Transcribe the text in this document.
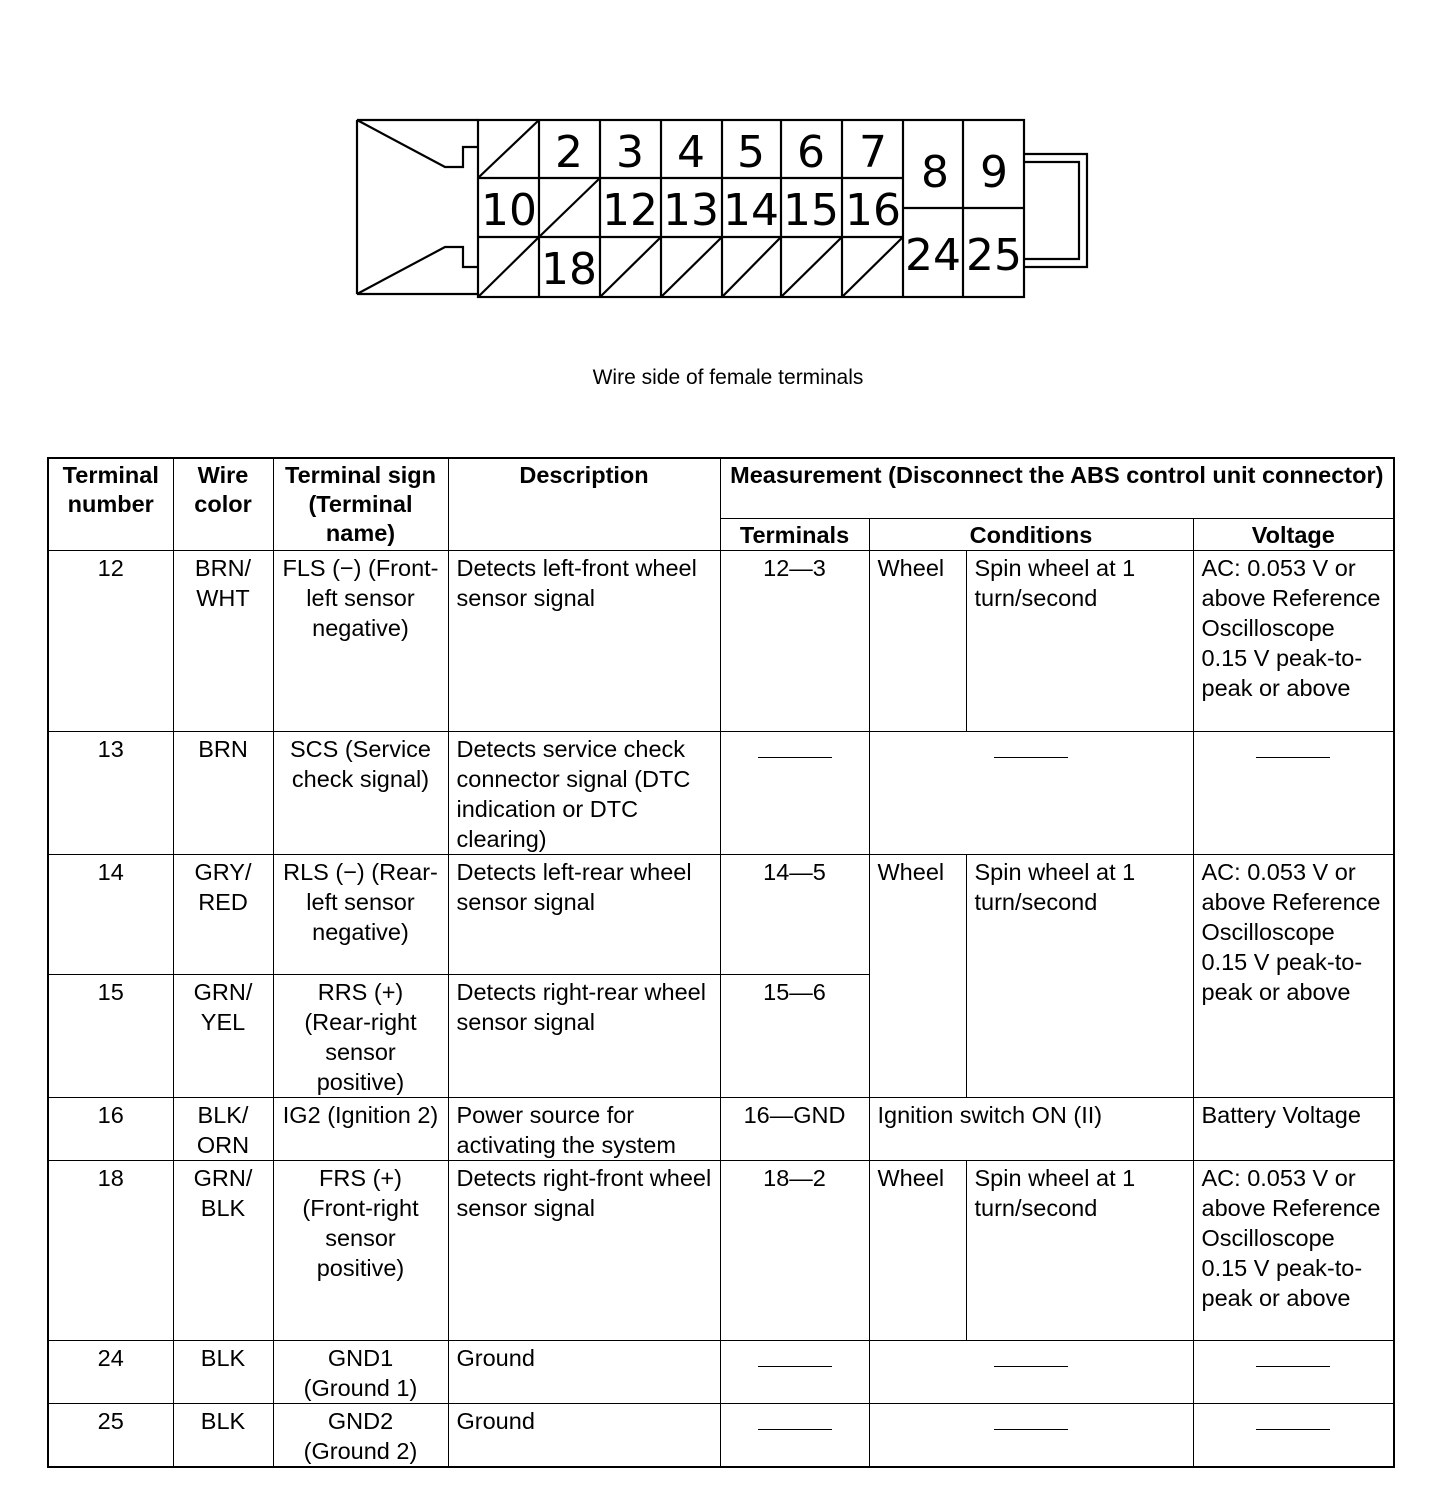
2 3 4 5 6 7 8 9
10 12 13 14 15 16
18	24 25
Wire side of female terminals
Terminal number	Wire color	Terminal sign (Terminal name)	Description	Measurement (Disconnect the ABS control unit connector)			
				Terminals	Conditions		Voltage
12	BRN/ WHT	FLS (−) (Front-left sensor negative)	Detects left-front wheel sensor signal	12—3	Wheel	Spin wheel at 1 turn/second	AC: 0.053 V or above Reference Oscilloscope 0.15 V peak-to-peak or above
13	BRN	SCS (Service check signal)	Detects service check connector signal (DTC indication or DTC clearing)				
14	GRY/ RED	RLS (−) (Rear-left sensor negative)	Detects left-rear wheel sensor signal	14—5	Wheel	Spin wheel at 1 turn/second	AC: 0.053 V or above Reference Oscilloscope 0.15 V peak-to-peak or above
15	GRN/ YEL	RRS (+) (Rear-right sensor positive)	Detects right-rear wheel sensor signal	15—6			
16	BLK/ ORN	IG2 (Ignition 2)	Power source for activating the system	16—GND	Ignition switch ON (II)		Battery Voltage
18	GRN/ BLK	FRS (+) (Front-right sensor positive)	Detects right-front wheel sensor signal	18—2	Wheel	Spin wheel at 1 turn/second	AC: 0.053 V or above Reference Oscilloscope 0.15 V peak-to-peak or above
24	BLK	GND1 (Ground 1)	Ground				
25	BLK	GND2 (Ground 2)	Ground				
